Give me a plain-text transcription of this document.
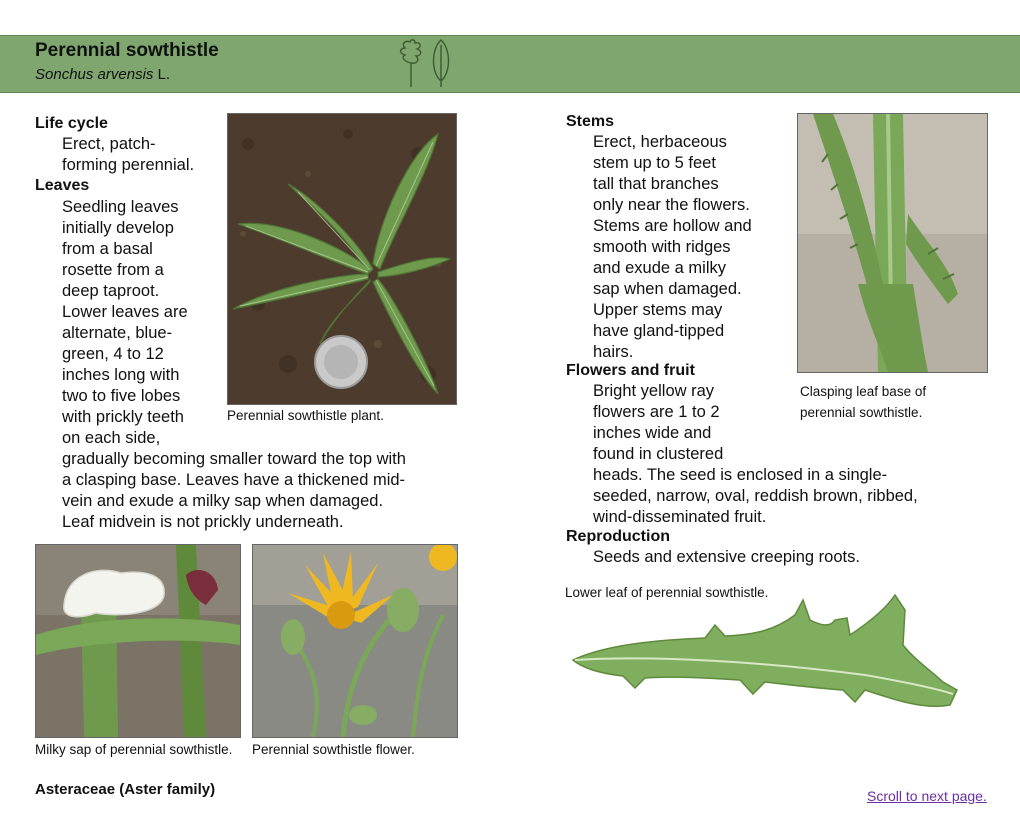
Perennial sowthistle
Sonchus arvensis L.
Life cycle
Erect, patch-
forming perennial.
Leaves
Seedling leaves
initially develop
from a basal
rosette from a
deep taproot.
Lower leaves are
alternate, blue-
green, 4 to 12
inches long with
two to five lobes
with prickly teeth
on each side,
gradually becoming smaller toward the top with
a clasping base. Leaves have a thickened mid-
vein and exude a milky sap when damaged.
Leaf midvein is not prickly underneath.
Perennial sowthistle plant.
Milky sap of perennial sowthistle. Perennial sowthistle flower.
Asteraceae (Aster family)
Stems
Erect, herbaceous
stem up to 5 feet
tall that branches
only near the flowers.
Stems are hollow and
smooth with ridges
and exude a milky
sap when damaged.
Upper stems may
have gland-tipped
hairs.
Flowers and fruit
Bright yellow ray
flowers are 1 to 2
inches wide and
found in clustered
heads. The seed is enclosed in a single-
seeded, narrow, oval, reddish brown, ribbed,
wind-disseminated fruit.
Reproduction
Seeds and extensive creeping roots.
Clasping leaf base of
perennial sowthistle.
Lower leaf of perennial sowthistle.
Scroll to next page.
